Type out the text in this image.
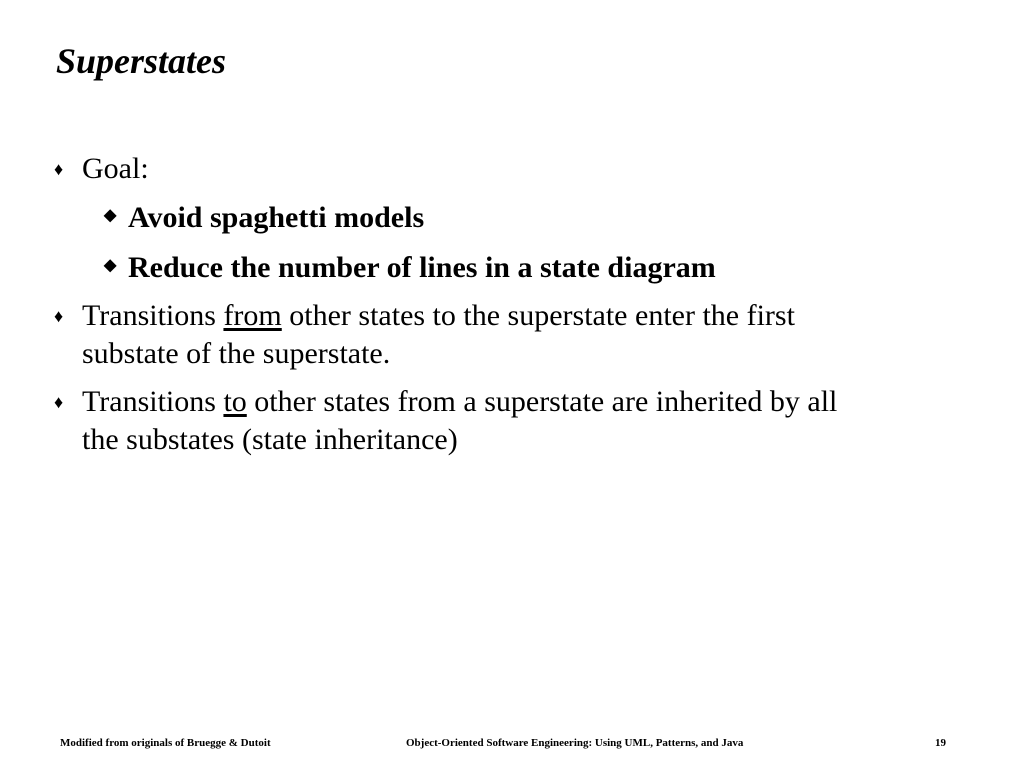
Superstates
♦ Goal:
◆ Avoid spaghetti models
◆ Reduce the number of lines in a state diagram
♦ Transitions from other states to the superstate enter the first
substate of the superstate.
♦ Transitions to other states from a superstate are inherited by all
the substates (state inheritance)
Modified from originals of Bruegge & Dutoit	Object-Oriented Software Engineering: Using UML, Patterns, and Java	19
